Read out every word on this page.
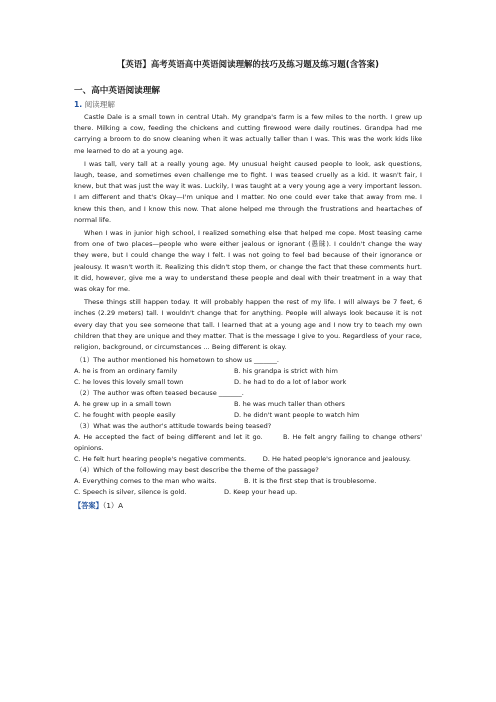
【英语】高考英语高中英语阅读理解的技巧及练习题及练习题(含答案)
一、高中英语阅读理解
1. 阅读理解

Castle Dale is a small town in central Utah. My grandpa's farm is a few miles to the north. I grew up there. Milking a cow, feeding the chickens and cutting firewood were daily routines. Grandpa had me carrying a broom to do snow cleaning when it was actually taller than I was. This was the work kids like me learned to do at a young age.

I was tall, very tall at a really young age. My unusual height caused people to look, ask questions, laugh, tease, and sometimes even challenge me to fight. I was teased cruelly as a kid. It wasn't fair, I knew, but that was just the way it was. Luckily, I was taught at a very young age a very important lesson. I am different and that's Okay—I'm unique and I matter. No one could ever take that away from me. I knew this then, and I know this now. That alone helped me through the frustrations and heartaches of normal life.

When I was in junior high school, I realized something else that helped me cope. Most teasing came from one of two places—people who were either jealous or ignorant (愚昧). I couldn't change the way they were, but I could change the way I felt. I was not going to feel bad because of their ignorance or jealousy. It wasn't worth it. Realizing this didn't stop them, or change the fact that these comments hurt. It did, however, give me a way to understand these people and deal with their treatment in a way that was okay for me.

These things still happen today. It will probably happen the rest of my life. I will always be 7 feet, 6 inches (2.29 meters) tall. I wouldn't change that for anything. People will always look because it is not every day that you see someone that tall. I learned that at a young age and I now try to teach my own children that they are unique and they matter. That is the message I give to you. Regardless of your race, religion, background, or circumstances ... Being different is okay.

（1）The author mentioned his hometown to show us _______.
A. he is from an ordinary family	B. his grandpa is strict with him
C. he loves this lovely small town	D. he had to do a lot of labor work
（2）The author was often teased because _______.
A. he grew up in a small town	B. he was much taller than others
C. he fought with people easily	D. he didn't want people to watch him
（3）What was the author's attitude towards being teased?
A. He accepted the fact of being different and let it go.	B. He felt angry failing to change others' opinions.
C. He felt hurt hearing people's negative comments.	D. He hated people's ignorance and jealousy.
（4）Which of the following may best describe the theme of the passage?
A. Everything comes to the man who waits.	B. It is the first step that is troublesome.
C. Speech is silver, silence is gold.	D. Keep your head up.
【答案】（1）A
